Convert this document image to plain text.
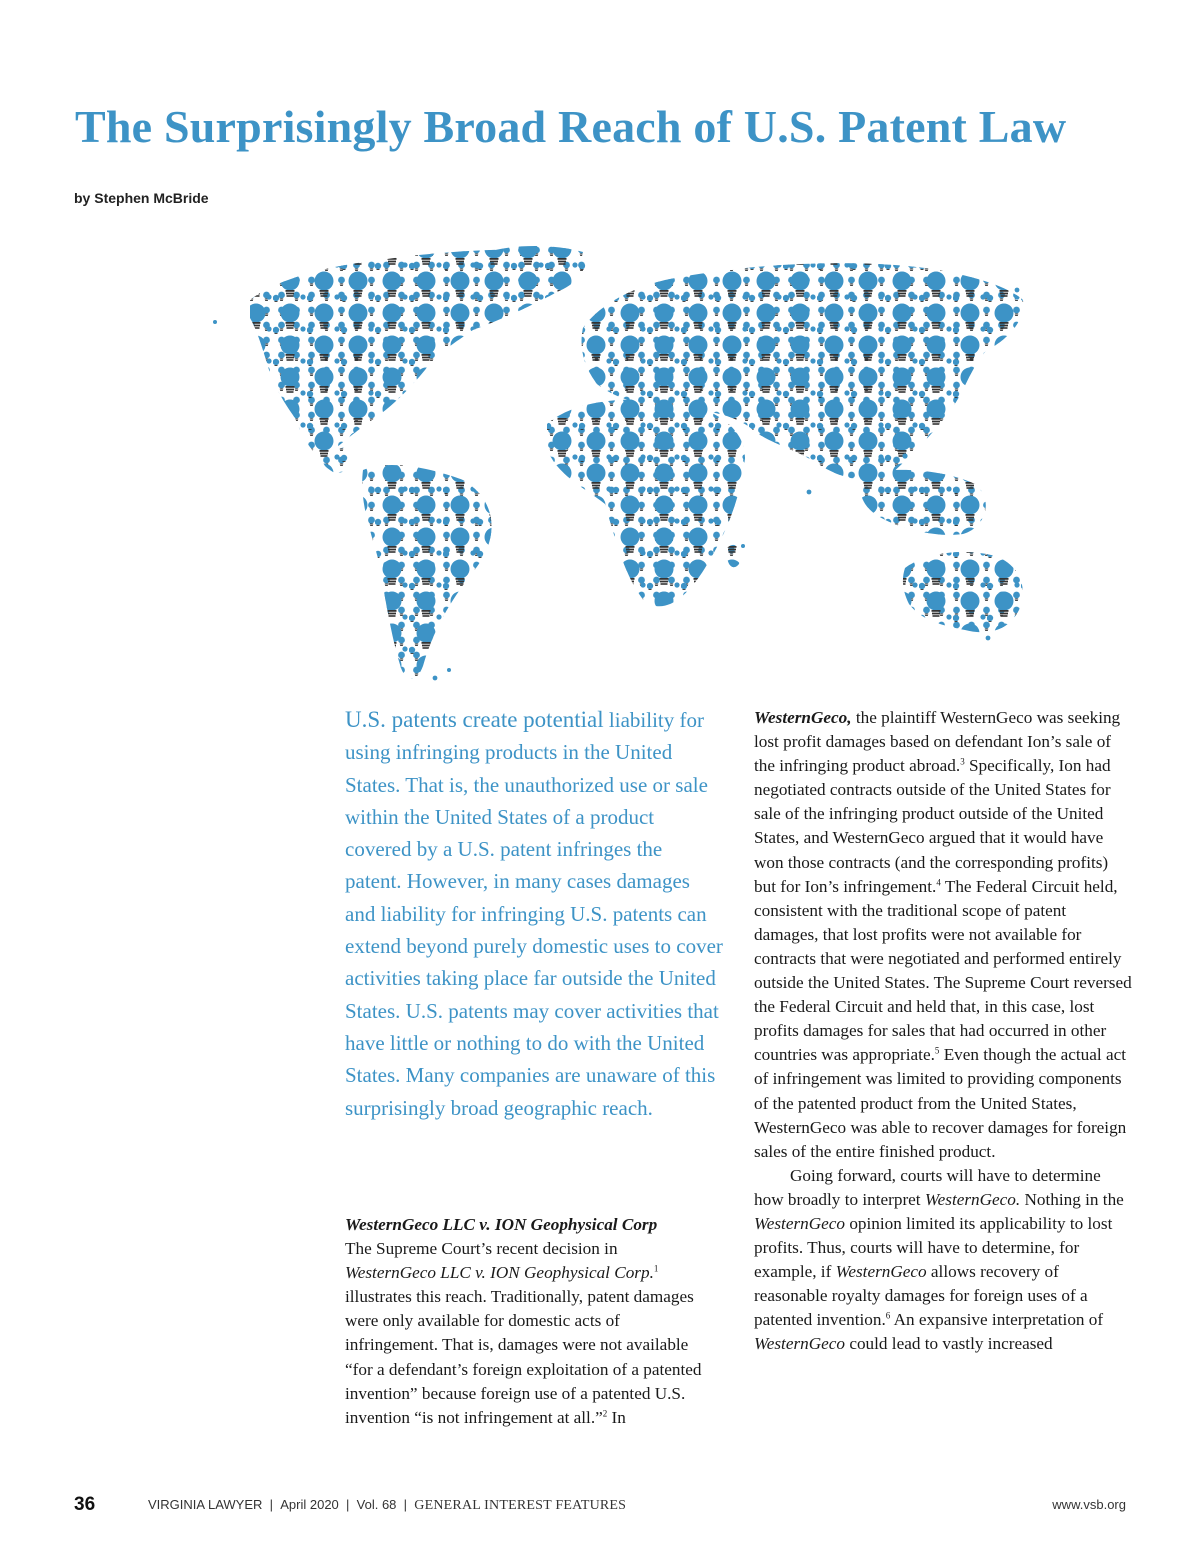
The Surprisingly Broad Reach of U.S. Patent Law
by Stephen McBride

U.S. patents create potential liability for using infringing products in the United States. That is, the unauthorized use or sale within the United States of a product covered by a U.S. patent infringes the patent. However, in many cases damages and liability for infringing U.S. patents can extend beyond purely domestic uses to cover activities taking place far outside the United States. U.S. patents may cover activities that have little or nothing to do with the United States. Many companies are unaware of this surprisingly broad geographic reach.

WesternGeco LLC v. ION Geophysical Corp

The Supreme Court’s recent decision in WesternGeco LLC v. ION Geophysical Corp.$^1$ illustrates this reach. Traditionally, patent damages were only available for domestic acts of infringement. That is, damages were not available “for a defendant’s foreign exploitation of a patented invention” because foreign use of a patented U.S. invention “is not infringement at all.”$^2$ In

WesternGeco, the plaintiff WesternGeco was seeking lost profit damages based on defendant Ion’s sale of the infringing product abroad.$^3$ Specifically, Ion had negotiated contracts outside of the United States for sale of the infringing product outside of the United States, and WesternGeco argued that it would have won those contracts (and the corresponding profits) but for Ion’s infringement.$^4$ The Federal Circuit held, consistent with the traditional scope of patent damages, that lost profits were not available for contracts that were negotiated and performed entirely outside the United States. The Supreme Court reversed the Federal Circuit and held that, in this case, lost profits damages for sales that had occurred in other countries was appropriate.$^5$ Even though the actual act of infringement was limited to providing components of the patented product from the United States, WesternGeco was able to recover damages for foreign sales of the entire finished product.

Going forward, courts will have to determine how broadly to interpret WesternGeco. Nothing in the WesternGeco opinion limited its applicability to lost profits. Thus, courts will have to determine, for example, if WesternGeco allows recovery of reasonable royalty damages for foreign uses of a patented invention.$^6$ An expansive interpretation of WesternGeco could lead to vastly increased

36	VIRGINIA LAWYER | April 2020 | Vol. 68 | GENERAL INTEREST FEATURES	www.vsb.org
